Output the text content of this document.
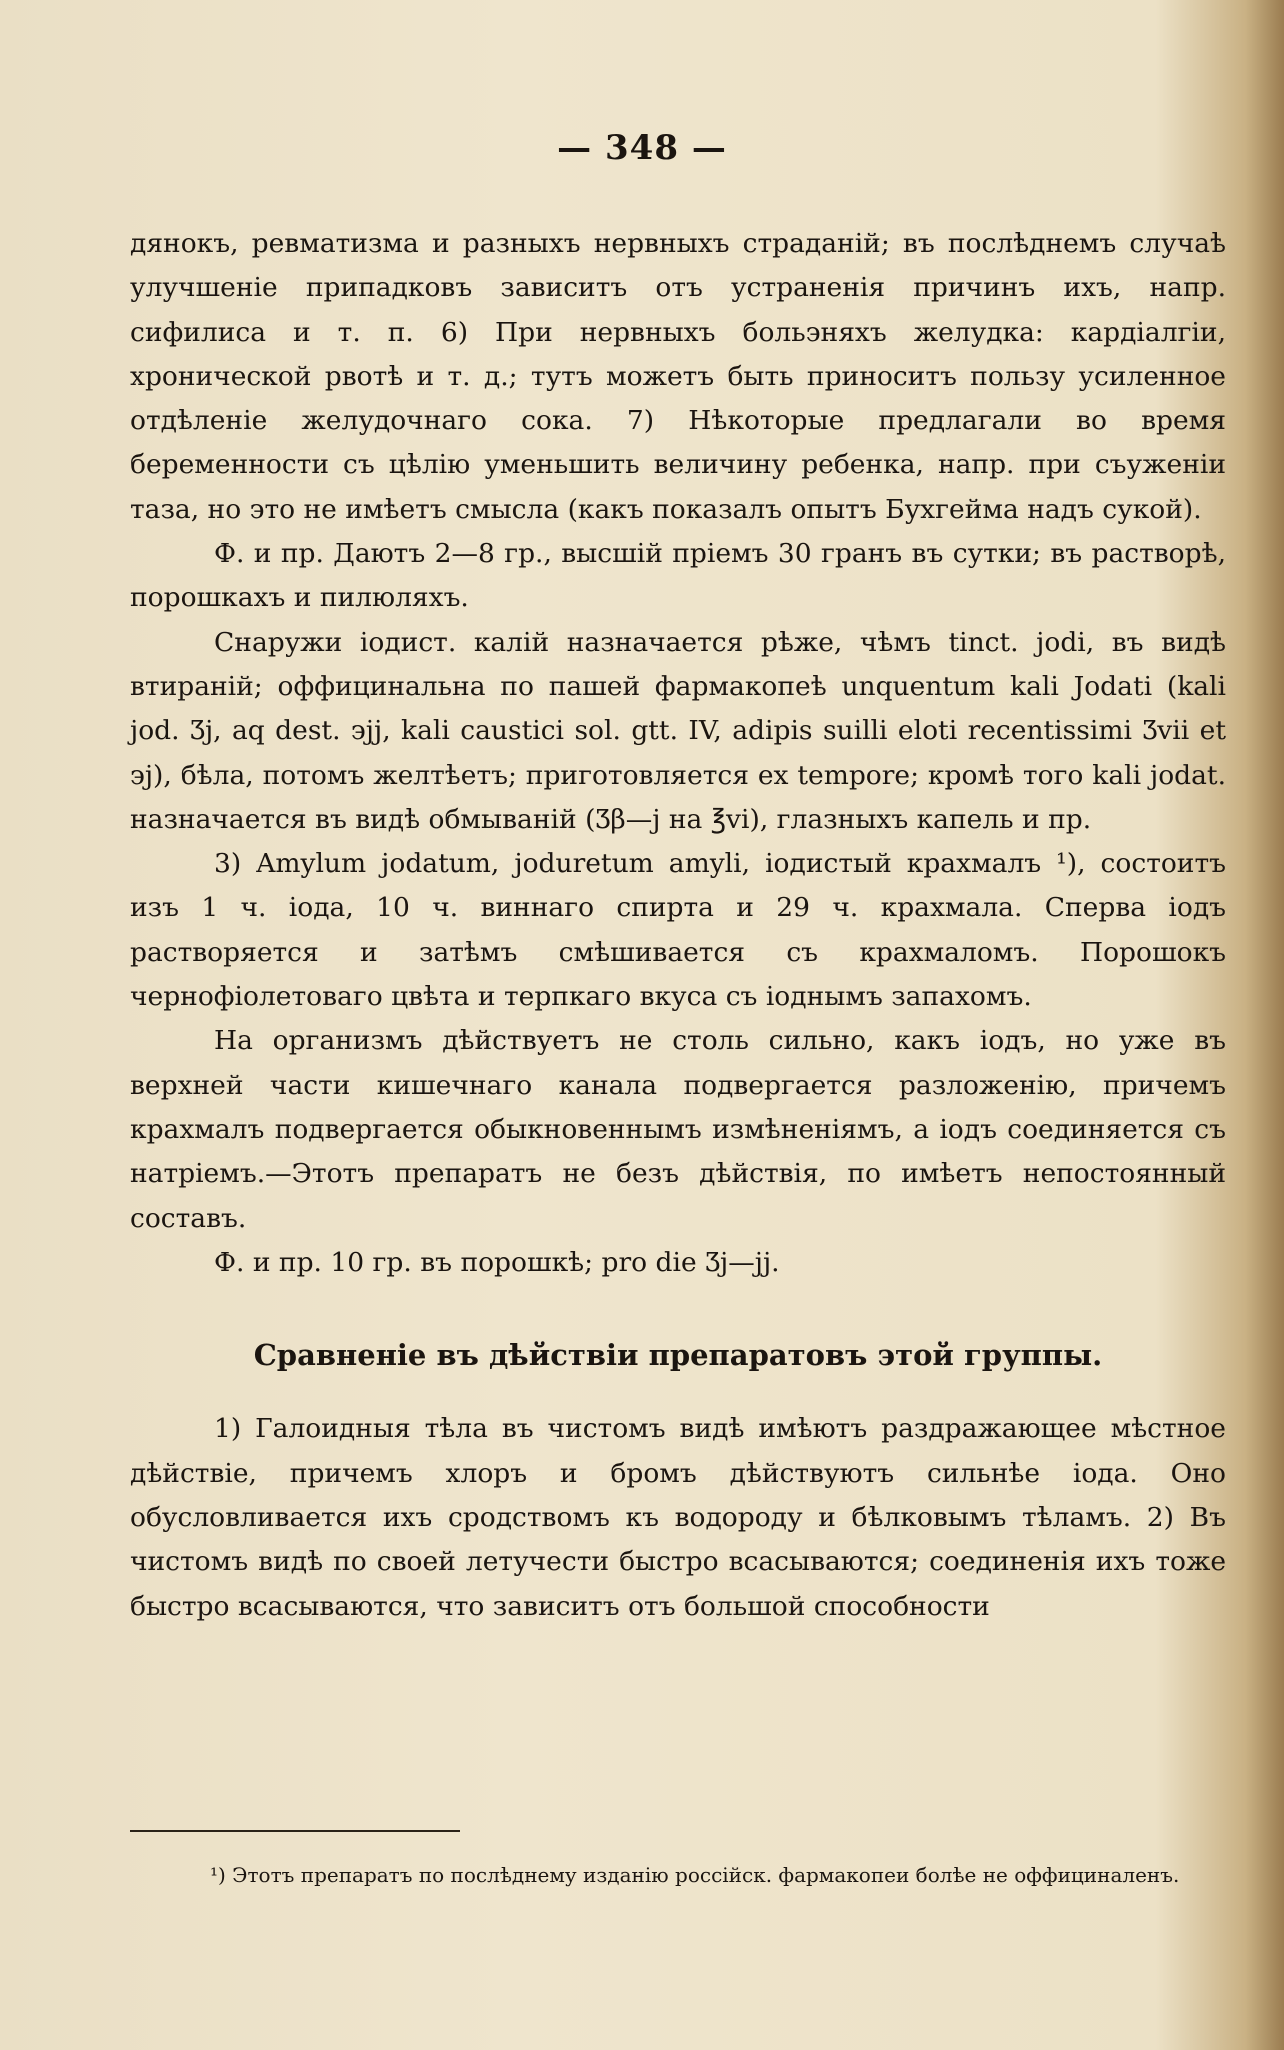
— 348 —

дянокъ, ревматизма и разныхъ нервныхъ страданій; въ послѣднемъ случаѣ улучшеніе припадковъ зависитъ отъ устраненія причинъ ихъ, напр. сифилиса и т. п. 6) При нервныхъ больэняхъ желудка: кардіалгіи, хронической рвотѣ и т. д.; тутъ можетъ быть приноситъ пользу усиленное отдѣленіе желудочнаго сока. 7) Нѣкоторые предлагали во время беременности съ цѣлію уменьшить величину ребенка, напр. при съуженіи таза, но это не имѣетъ смысла (какъ показалъ опытъ Бухгейма надъ сукой).

Ф. и пр. Даютъ 2—8 гр., высшій пріемъ 30 гранъ въ сутки; въ растворѣ, порошкахъ и пилюляхъ.

Снаружи іодист. калій назначается рѣже, чѣмъ tinct. jodi, въ видѣ втираній; оффицинальна по пашей фармакопеѣ unquentum kali Jodati (kali jod. Ʒj, aq dest. эjj, kali caustici sol. gtt. IV, adipis suilli eloti recentissimi Ʒvii et эj), бѣла, потомъ желтѣетъ; приготовляется ex tempore; кромѣ того kali jodat. назначается въ видѣ обмываній (Ʒβ—j на ℥vi), глазныхъ капель и пр.

3) Amylum jodatum, joduretum amyli, іодистый крахмалъ ¹), состоитъ изъ 1 ч. іода, 10 ч. виннаго спирта и 29 ч. крахмала. Сперва іодъ растворяется и затѣмъ смѣшивается съ крахмаломъ. Порошокъ чернофіолетоваго цвѣта и терпкаго вкуса съ іоднымъ запахомъ.

На организмъ дѣйствуетъ не столь сильно, какъ іодъ, но уже въ верхней части кишечнаго канала подвергается разложенію, причемъ крахмалъ подвергается обыкновеннымъ измѣненіямъ, а іодъ соединяется съ натріемъ.—Этотъ препаратъ не безъ дѣйствія, по имѣетъ непостоянный составъ.

Ф. и пр. 10 гр. въ порошкѣ; pro die Ʒj—jj.

Сравненіе въ дѣйствіи препаратовъ этой группы.

1) Галоидныя тѣла въ чистомъ видѣ имѣютъ раздражающее мѣстное дѣйствіе, причемъ хлоръ и бромъ дѣйствуютъ сильнѣе іода. Оно обусловливается ихъ сродствомъ къ водороду и бѣлковымъ тѣламъ. 2) Въ чистомъ видѣ по своей летучести быстро всасываются; соединенія ихъ тоже быстро всасываются, что зависитъ отъ большой способности

¹) Этотъ препаратъ по послѣднему изданію россійск. фармакопеи болѣе не оффициналенъ.
